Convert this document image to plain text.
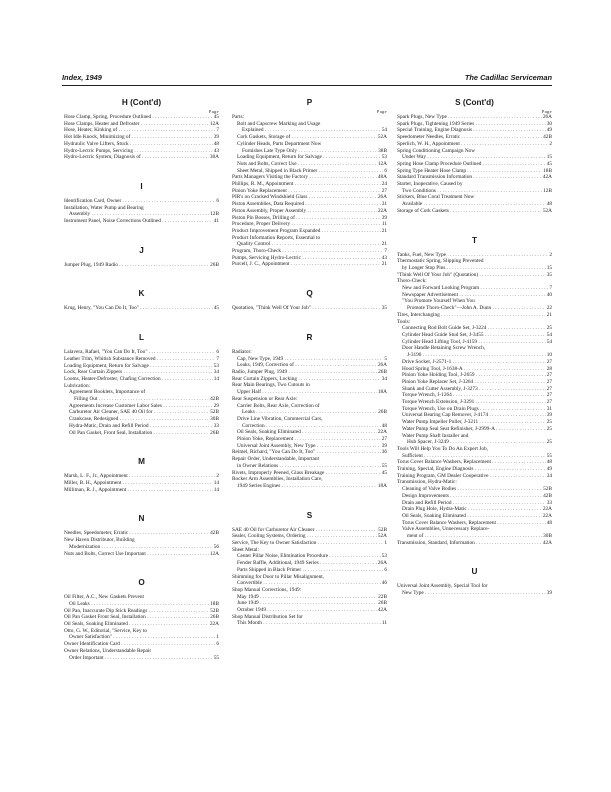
Index, 1949	The Cadillac Serviceman
H (Cont'd)
Page
Hose Clamp, Spring, Procedure Outlined . . .	45
Hose Clamps, Heater and Defroster . . .	12A
Hose, Heater, Kinking of . . .	7
Hot Idle Knock, Minimizing of . . .	39
Hydraulic Valve Lifters, Stuck . . .	48
Hydro-Lectric Pumps, Servicing . . .	43
Hydro-Lectric System, Diagnosis of . . .	38A
I
Identification Card, Owner . . .	6
Installation, Water Pump and Bearing
Assembly . . .	12B
Instrument Panel, Noise Corrections Outlined . . .	41
J
Jumper Plug, 1949 Radio . . .	26B
K
Krug, Henry, "You Can Do It, Too" . . .	45
L
Lalavera, Rafael, "You Can Do It, Too" . . .	6
Leather Trim, Whitish Substance Removed . . .	7
Loading Equipment, Return for Salvage . . .	53
Lock, Rear Curtain Zippers . . .	34
Looms, Heater-Defroster, Chafing Correction . . .	14
Lubrication:
Agreement Booklets, Importance of
Filling Out . . .	42B
Agreements Increase Customer Labor Sales . . .	29
Carburetor Air Cleaner, SAE 40 Oil for . . .	52B
Crankcase, Redesigned . . .	30B
Hydra-Matic, Drain and Refill Period . . .	33
Oil Pan Gasket, Front Seal, Installation . . .	26B
M
Marsh, L. F., Jr., Appointment . . .	2
Miller, B. H., Appointment . . .	14
Milliman, R. J., Appointment . . .	14
N
Needles, Speedometer, Erratic . . .	42B
New Haven Distributor, Building
Modernization . . .	56
Nuts and Bolts, Correct Use Important . . .	12A
O
Oil Filter, A.C., New Gaskets Prevent
Oil Leaks . . .	18B
Oil Pan, Inaccurate Dip Stick Readings . . .	52B
Oil Pan Gasket Front Seal, Installation . . .	26B
Oil Seals, Soaking Eliminated . . .	22A
Otto, G. W., Editorial, "Service, Key to
Owner Satisfaction" . . .	1
Owner Identification Card . . .	6
Owner Relations, Understandable Repair
Order Important . . .	55
P
Page
Parts:
Bolt and Capscrew Marking and Usage
Explained . . .	54
Cork Gaskets, Storage of . . .	52A
Cylinder Heads, Parts Department Now
Furnishes Late Type Only . . .	38B
Loading Equipment, Return for Salvage . . .	53
Nuts and Bolts, Correct Use . . .	12A
Sheet Metal, Shipped in Black Primer . . .	6
Parts Managers Visiting the Factory . . .	48A
Phillips, R. M., Appointment . . .	24
Pinion Yoke Replacement . . .	27
PIR's on Cracked Windshield Glass . . .	26A
Piston Assemblies, Data Required . . .	31
Piston Assembly, Proper Assembly . . .	22A
Piston Pin Bosses, Drilling of . . .	39
Procedure, Proper Delivery . . .	11
Product Improvement Program Expanded . . .	21
Product Information Reports, Essential to
Quality Control . . .	21
Program, Thoro-Check . . .	7
Pumps, Servicing Hydro-Lectric . . .	43
Purcell, J. C., Appointment . . .	21
Q
Quotation, "Think Well Of Your Job" . . .	35
R
Radiator:
Cap, New Type, 1949 . . .	5
Leaks, 1949, Correction of . . .	26A
Radio, Jumper Plug, 1949 . . .	26B
Rear Curtain Zippers, Locking . . .	34
Rear Main Bearings, Two Cutouts in
Upper Half . . .	18A
Rear Suspension or Rear Axle:
Carrier Bolts, Rear Axle, Correction of
Leaks . . .	26B
Drive Line Vibration, Commercial Cars,
Correction . . .	48
Oil Seals, Soaking Eliminated . . .	22A
Pinion Yoke, Replacement . . .	27
Universal Joint Assembly, New Type . . .	39
Reimel, Richard, "You Can Do It, Too" . . .	36
Repair Order, Understandable, Important
in Owner Relations . . .	55
Rivets, Improperly Peened, Glass Breakage . . .	45
Rocker Arm Assemblies, Installation Care,
1949 Series Engines . . .	18A
S
SAE 40 Oil for Carburetor Air Cleaner . . .	52B
Sealer, Cooling Systems, Ordering . . .	52A
Service, The Key to Owner Satisfaction . . .	1
Sheet Metal:
Center Pillar Noise, Elimination Procedure . . .	53
Fender Baffle, Additional, 1949 Series . . .	26A
Parts Shipped in Black Primer . . .	6
Shimming for Door to Pillar Misalignment,
Convertible . . .	46
Shop Manual Corrections, 1949:
May 1949 . . .	22B
June 1949 . . .	26B
October 1949 . . .	42A
Shop Manual Distribution Set for
This Month . . .	11
S (Cont'd)
Page
Spark Plugs, New Type . . .	26A
Spark Plugs, Tightening 1949 Series . . .	30
Special Training, Engine Diagnosis . . .	49
Speedometer Needles, Erratic . . .	42B
Sperlich, W. H., Appointment . . .	2
Spring Conditioning Campaign Now
Under Way . . .	15
Spring Hose Clamp Procedure Outlined . . .	45
Spring Type Heater Hose Clamp . . .	18B
Standard Transmission Information . . .	42A
Starter, Inoperative, Caused by
Two Conditions . . .	12B
Stickers, Blue Coral Treatment Now
Available . . .	48
Storage of Cork Gaskets . . .	52A
T
Tanks, Fuel, New Type . . .	2
Thermostatic Spring, Slipping Prevented
by Longer Stop Pins . . .	15
"Think Well Of Your Job" (Quotation) . . .	35
Thoro-Check:
New and Forward Looking Program . . .	7
Newspaper Advertisement . . .	40
"You Promote Yourself When You
Promote Thoro-Check"—John A. Dunn . . .	22
Tires, Interchanging . . .	21
Tools:
Connecting Rod Bolt Guide Set, J-3224 . . .	25
Cylinder Head Guide Stud Set, J-3455 . . .	54
Cylinder Head Lifting Tool, J-4159 . . .	54
Door Handle Retaining Screw Wrench,
J-3190 . . .	10
Drive Socket, J-2571-1 . . .	27
Hood Spring Tool, J-1638-A . . .	28
Pinion Yoke Holding Tool, J-2659 . . .	27
Pinion Yoke Replacer Set, J-3264 . . .	27
Shank and Cutter Assembly, J-3273 . . .	27
Torque Wrench, J-1264 . . .	27
Torque Wrench Extension, J-3291 . . .	27
Torque Wrench, Use on Drain Plugs . . .	31
Universal Bearing Cap Remover, J-4174 . . .	39
Water Pump Impeller Puller, J-3211 . . .	25
Water Pump Seal Seat Refinisher, J-2999-A . . .	25
Water Pump Shaft Installer and
Hub Spacer, J-3249 . . .	25
Tools Will Help You To Do An Expert Job,
Sufficient . . .	55
Torus Cover Balance Washers, Replacement . . .	48
Training, Special, Engine Diagnosis . . .	49
Training Program, GM Dealer Cooperative . . .	34
Transmission, Hydra-Matic:
Cleaning of Valve Bodies . . .	52B
Design Improvements . . .	42B
Drain and Refill Period . . .	33
Drain Plug Hole, Hydra-Matic . . .	22A
Oil Seals, Soaking Eliminated . . .	22A
Torus Cover Balance Washers, Replacement . . .	48
Valve Assemblies, Unnecessary Replace-
ment of . . .	30B
Transmission, Standard, Information . . .	42A
U
Universal Joint Assembly, Special Tool for
New Type . . .	39
